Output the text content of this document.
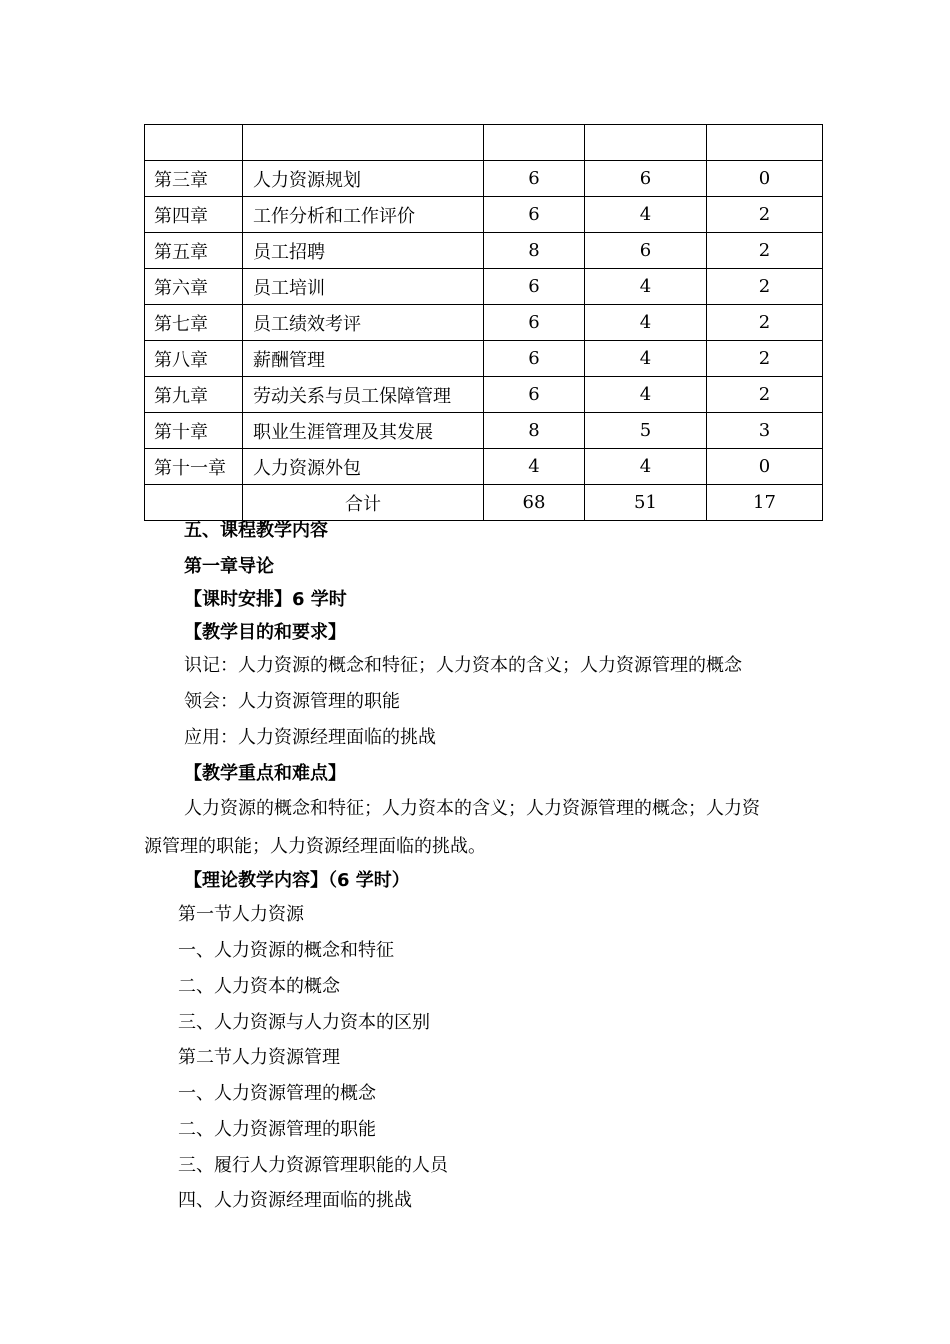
第三章	人力资源规划	6	6	0
第四章	工作分析和工作评价	6	4	2
第五章	员工招聘	8	6	2
第六章	员工培训	6	4	2
第七章	员工绩效考评	6	4	2
第八章	薪酬管理	6	4	2
第九章	劳动关系与员工保障管理	6	4	2
第十章	职业生涯管理及其发展	8	5	3
第十一章	人力资源外包	4	4	0
	合计	68	51	17
五、课程教学内容
第一章导论
【课时安排】6 学时
【教学目的和要求】
识记：人力资源的概念和特征；人力资本的含义；人力资源管理的概念
领会：人力资源管理的职能
应用：人力资源经理面临的挑战
【教学重点和难点】
人力资源的概念和特征；人力资本的含义；人力资源管理的概念；人力资
源管理的职能；人力资源经理面临的挑战。
【理论教学内容】（6 学时）
第一节人力资源
一、人力资源的概念和特征
二、人力资本的概念
三、人力资源与人力资本的区别
第二节人力资源管理
一、人力资源管理的概念
二、人力资源管理的职能
三、履行人力资源管理职能的人员
四、人力资源经理面临的挑战
